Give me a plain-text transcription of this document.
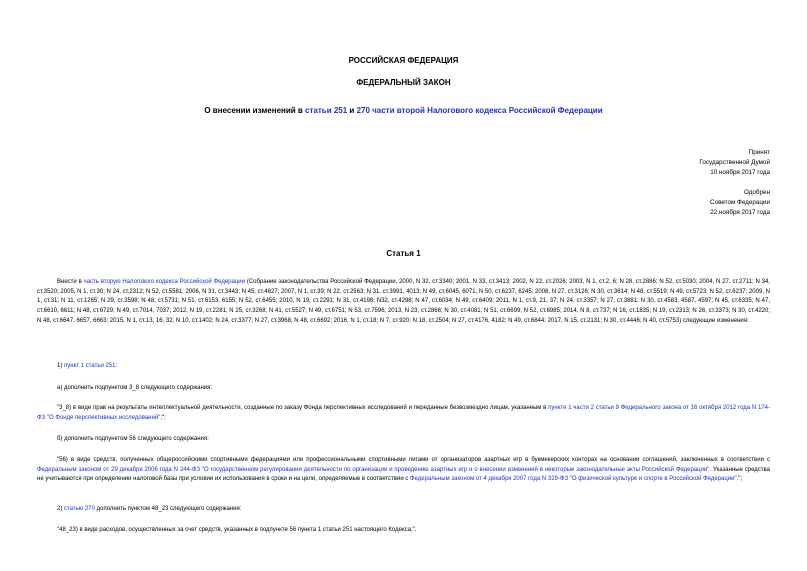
РОССИЙСКАЯ ФЕДЕРАЦИЯ
ФЕДЕРАЛЬНЫЙ ЗАКОН
О внесении изменений в статьи 251 и 270 части второй Налогового кодекса Российской Федерации
Принят
Государственной Думой
10 ноября 2017 года
Одобрен
Советом Федерации
22 ноября 2017 года
Статья 1
Внести в часть вторую Налогового кодекса Российской Федерации (Собрание законодательства Российской Федерации, 2000, N 32, ст.3340; 2001, N 33, ст.3413; 2002, N 22, ст.2026; 2003, N 1, ст.2, 6; N 28, ст.2886; N 52, ст.5030; 2004, N 27, ст.2711; N 34, ст.3520; 2005, N 1, ст.30; N 24, ст.2312; N 52, ст.5581; 2006, N 31, ст.3443; N 45, ст.4627; 2007, N 1, ст.39; N 22, ст.2563; N 31, ст.3991, 4013; N 49, ст.6045, 6071; N 50, ст.6237, 6245; 2008, N 27, ст.3126; N 30, ст.3614; N 48, ст.5519; N 49, ст.5723; N 52, ст.6237; 2009, N 1, ст.31; N 11, ст.1265; N 29, ст.3598; N 48, ст.5731; N 51, ст.6153, 6155; N 52, ст.6455; 2010, N 19, ст.2291; N 31, ст.4198; N32, ст.4298; N 47, ст.6034; N 49, ст.6409; 2011, N 1, ст.9, 21, 37; N 24, ст.3357; N 27, ст.3881; N 30, ст.4583, 4587, 4597; N 45, ст.6335; N 47, ст.6610, 6611; N 48, ст.6729; N 49, ст.7014, 7037; 2012, N 19, ст.2281; N 25, ст.3268; N 41, ст.5527; N 49, ст.6751; N 53, ст.7596; 2013, N 23, ст.2866; N 30, ст.4081; N 51, ст.6699; N 52, ст.6985; 2014, N 8, ст.737; N 16, ст.1835; N 19, ст.2313; N 26, ст.3373; N 30, ст.4220; N 48, ст.6647, 6657, 6663; 2015, N 1, ст.13, 16, 32; N 10, ст.1402; N 24, ст.3377; N 27, ст.3968; N 48, ст.6692; 2016, N 1, ст.18; N 7, ст.920; N 18, ст.2504; N 27, ст.4176, 4182; N 49, ст.6844; 2017, N 15, ст.2131; N 30, ст.4446; N 40, ст.5753) следующие изменения:
1) пункт 1 статьи 251:
а) дополнить подпунктом 3_8 следующего содержания:
"3_8) в виде прав на результаты интеллектуальной деятельности, созданные по заказу Фонда перспективных исследований и переданные безвозмездно лицам, указанным в пункте 1 части 2 статьи 9 Федерального закона от 16 октября 2012 года N 174-ФЗ "О Фонде перспективных исследований";";
б) дополнить подпунктом 56 следующего содержания:
"56) в виде средств, полученных общероссийскими спортивными федерациями или профессиональными спортивными лигами от организаторов азартных игр в букмекерских конторах на основании соглашений, заключенных в соответствии с Федеральным законом от 29 декабря 2006 года N 244-ФЗ "О государственном регулировании деятельности по организации и проведению азартных игр и о внесении изменений в некоторые законодательные акты Российской Федерации". Указанные средства не учитываются при определении налоговой базы при условии их использования в сроки и на цели, определяемые в соответствии с Федеральным законом от 4 декабря 2007 года N 329-ФЗ "О физической культуре и спорте в Российской Федерации".";
2) статью 270 дополнить пунктом 48_23 следующего содержания:
"48_23) в виде расходов, осуществленных за счет средств, указанных в подпункте 56 пункта 1 статьи 251 настоящего Кодекса;".
